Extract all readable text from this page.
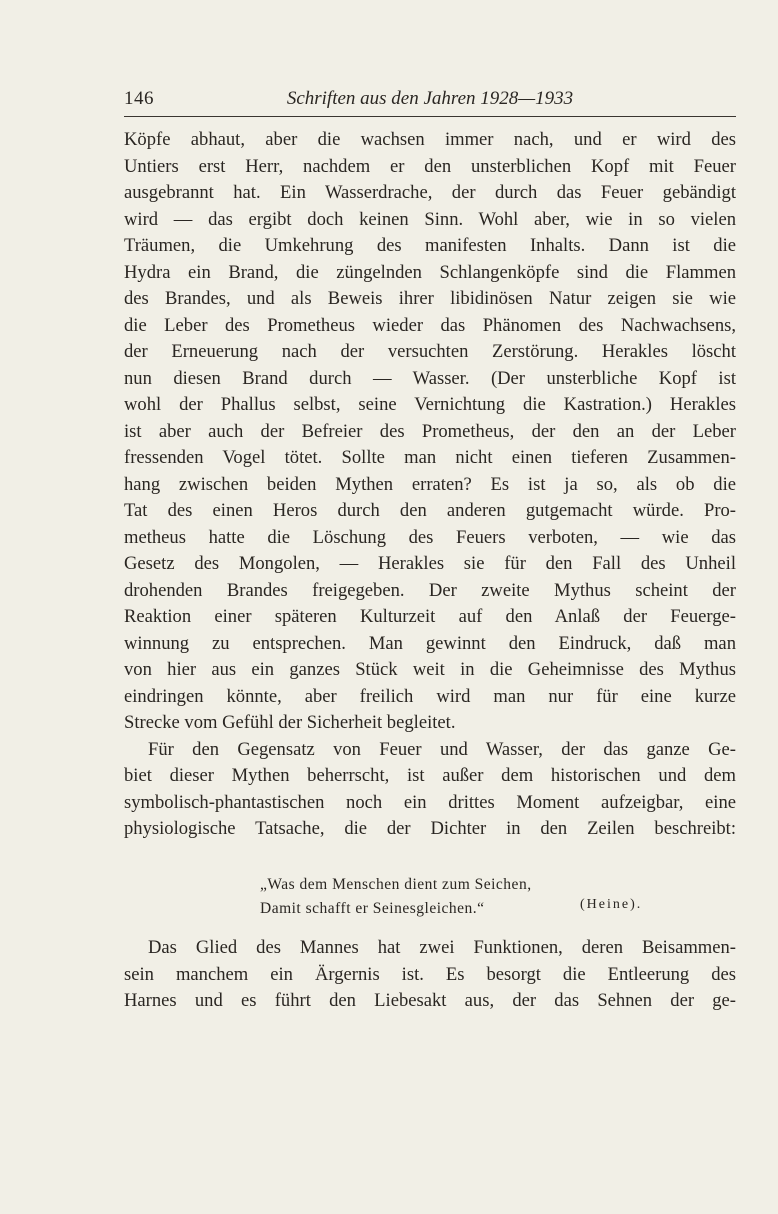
146	Schriften aus den Jahren 1928—1933
Köpfe abhaut, aber die wachsen immer nach, und er wird des
Untiers erst Herr, nachdem er den unsterblichen Kopf mit Feuer
ausgebrannt hat. Ein Wasserdrache, der durch das Feuer gebändigt
wird — das ergibt doch keinen Sinn. Wohl aber, wie in so vielen
Träumen, die Umkehrung des manifesten Inhalts. Dann ist die
Hydra ein Brand, die züngelnden Schlangenköpfe sind die Flammen
des Brandes, und als Beweis ihrer libidinösen Natur zeigen sie wie
die Leber des Prometheus wieder das Phänomen des Nachwachsens,
der Erneuerung nach der versuchten Zerstörung. Herakles löscht
nun diesen Brand durch — Wasser. (Der unsterbliche Kopf ist
wohl der Phallus selbst, seine Vernichtung die Kastration.) Herakles
ist aber auch der Befreier des Prometheus, der den an der Leber
fressenden Vogel tötet. Sollte man nicht einen tieferen Zusammen-
hang zwischen beiden Mythen erraten? Es ist ja so, als ob die
Tat des einen Heros durch den anderen gutgemacht würde. Pro-
metheus hatte die Löschung des Feuers verboten, — wie das
Gesetz des Mongolen, — Herakles sie für den Fall des Unheil
drohenden Brandes freigegeben. Der zweite Mythus scheint der
Reaktion einer späteren Kulturzeit auf den Anlaß der Feuerge-
winnung zu entsprechen. Man gewinnt den Eindruck, daß man
von hier aus ein ganzes Stück weit in die Geheimnisse des Mythus
eindringen könnte, aber freilich wird man nur für eine kurze
Strecke vom Gefühl der Sicherheit begleitet.
Für den Gegensatz von Feuer und Wasser, der das ganze Ge-
biet dieser Mythen beherrscht, ist außer dem historischen und dem
symbolisch-phantastischen noch ein drittes Moment aufzeigbar, eine
physiologische Tatsache, die der Dichter in den Zeilen beschreibt:
„Was dem Menschen dient zum Seichen,
Damit schafft er Seinesgleichen.“	(Heine).
Das Glied des Mannes hat zwei Funktionen, deren Beisammen-
sein manchem ein Ärgernis ist. Es besorgt die Entleerung des
Harnes und es führt den Liebesakt aus, der das Sehnen der ge-
